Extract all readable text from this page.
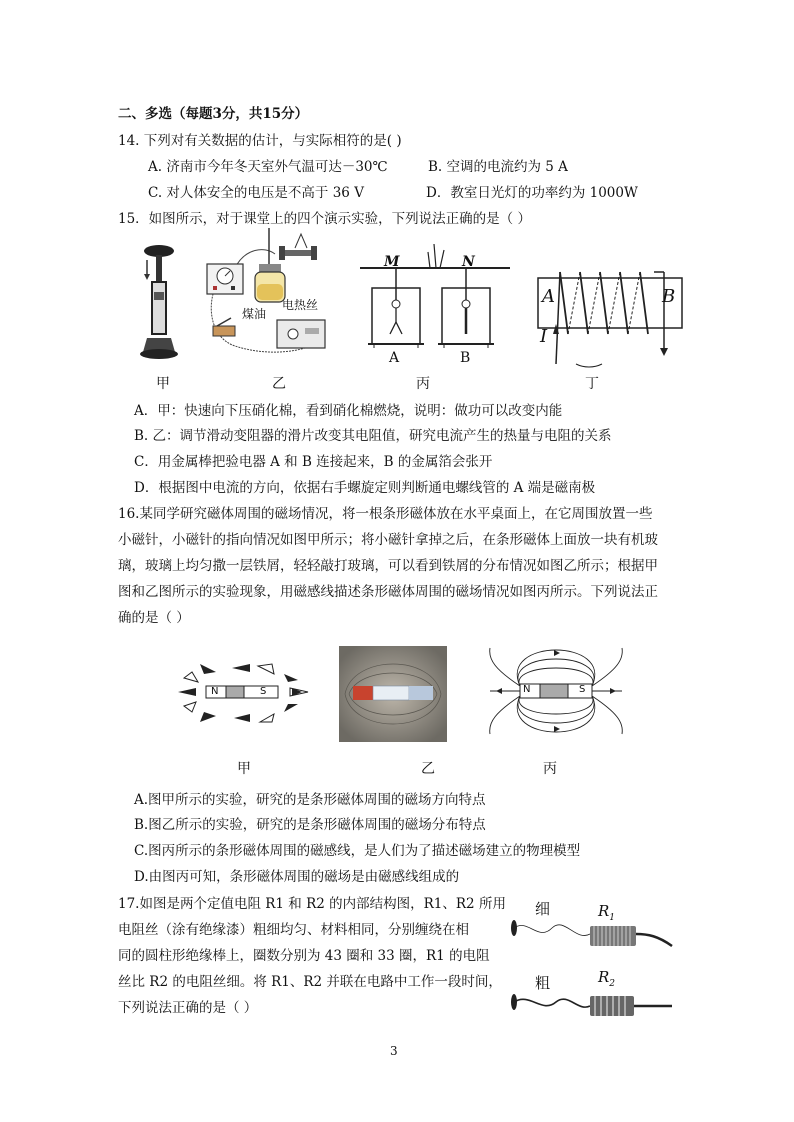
二、多选（每题3分，共15分）
14. 下列对有关数据的估计，与实际相符的是( )
A. 济南市今年冬天室外气温可达－30℃	B. 空调的电流约为 5 A
C. 对人体安全的电压是不高于 36 V	D．教室日光灯的功率约为 1000W
15．如图所示，对于课堂上的四个演示实验，下列说法正确的是（ ）
甲
煤油
电热丝
乙
M	N
A	B
丙
A	B
I
丁
A．甲：快速向下压硝化棉，看到硝化棉燃烧，说明：做功可以改变内能
B. 乙：调节滑动变阻器的滑片改变其电阻值，研究电流产生的热量与电阻的关系
C．用金属棒把验电器 A 和 B 连接起来，B 的金属箔会张开
D．根据图中电流的方向，依据右手螺旋定则判断通电螺线管的 A 端是磁南极
16.某同学研究磁体周围的磁场情况，将一根条形磁体放在水平桌面上，在它周围放置一些
小磁针，小磁针的指向情况如图甲所示；将小磁针拿掉之后，在条形磁体上面放一块有机玻
璃，玻璃上均匀撒一层铁屑，轻轻敲打玻璃，可以看到铁屑的分布情况如图乙所示；根据甲
图和乙图所示的实验现象，用磁感线描述条形磁体周围的磁场情况如图丙所示。下列说法正
确的是（ ）
N	S
甲	乙
N	S
丙
A.图甲所示的实验，研究的是条形磁体周围的磁场方向特点
B.图乙所示的实验，研究的是条形磁体周围的磁场分布特点
C.图丙所示的条形磁体周围的磁感线，是人们为了描述磁场建立的物理模型
D.由图丙可知，条形磁体周围的磁场是由磁感线组成的
17.如图是两个定值电阻 R1 和 R2 的内部结构图，R1、R2 所用
电阻丝（涂有绝缘漆）粗细均匀、材料相同，分别缠绕在相
同的圆柱形绝缘棒上，圈数分别为 43 圈和 33 圈，R1 的电阻
丝比 R2 的电阻丝细。将 R1、R2 并联在电路中工作一段时间，
下列说法正确的是（ ）
细	$R_1$
粗	$R_2$
3
